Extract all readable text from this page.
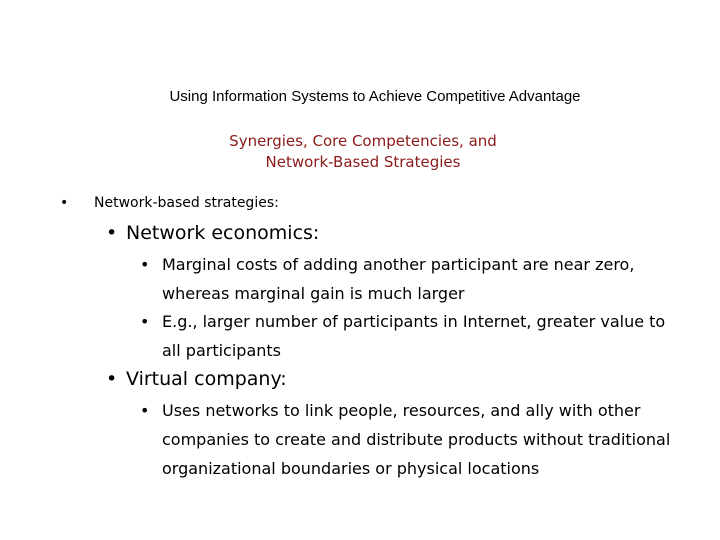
Using Information Systems to Achieve Competitive Advantage
Synergies, Core Competencies, and
Network-Based Strategies
• Network-based strategies:
• Network economics:
• Marginal costs of adding another participant are near zero, whereas marginal gain is much larger
• E.g., larger number of participants in Internet, greater value to all participants
• Virtual company:
• Uses networks to link people, resources, and ally with other companies to create and distribute products without traditional organizational boundaries or physical locations
